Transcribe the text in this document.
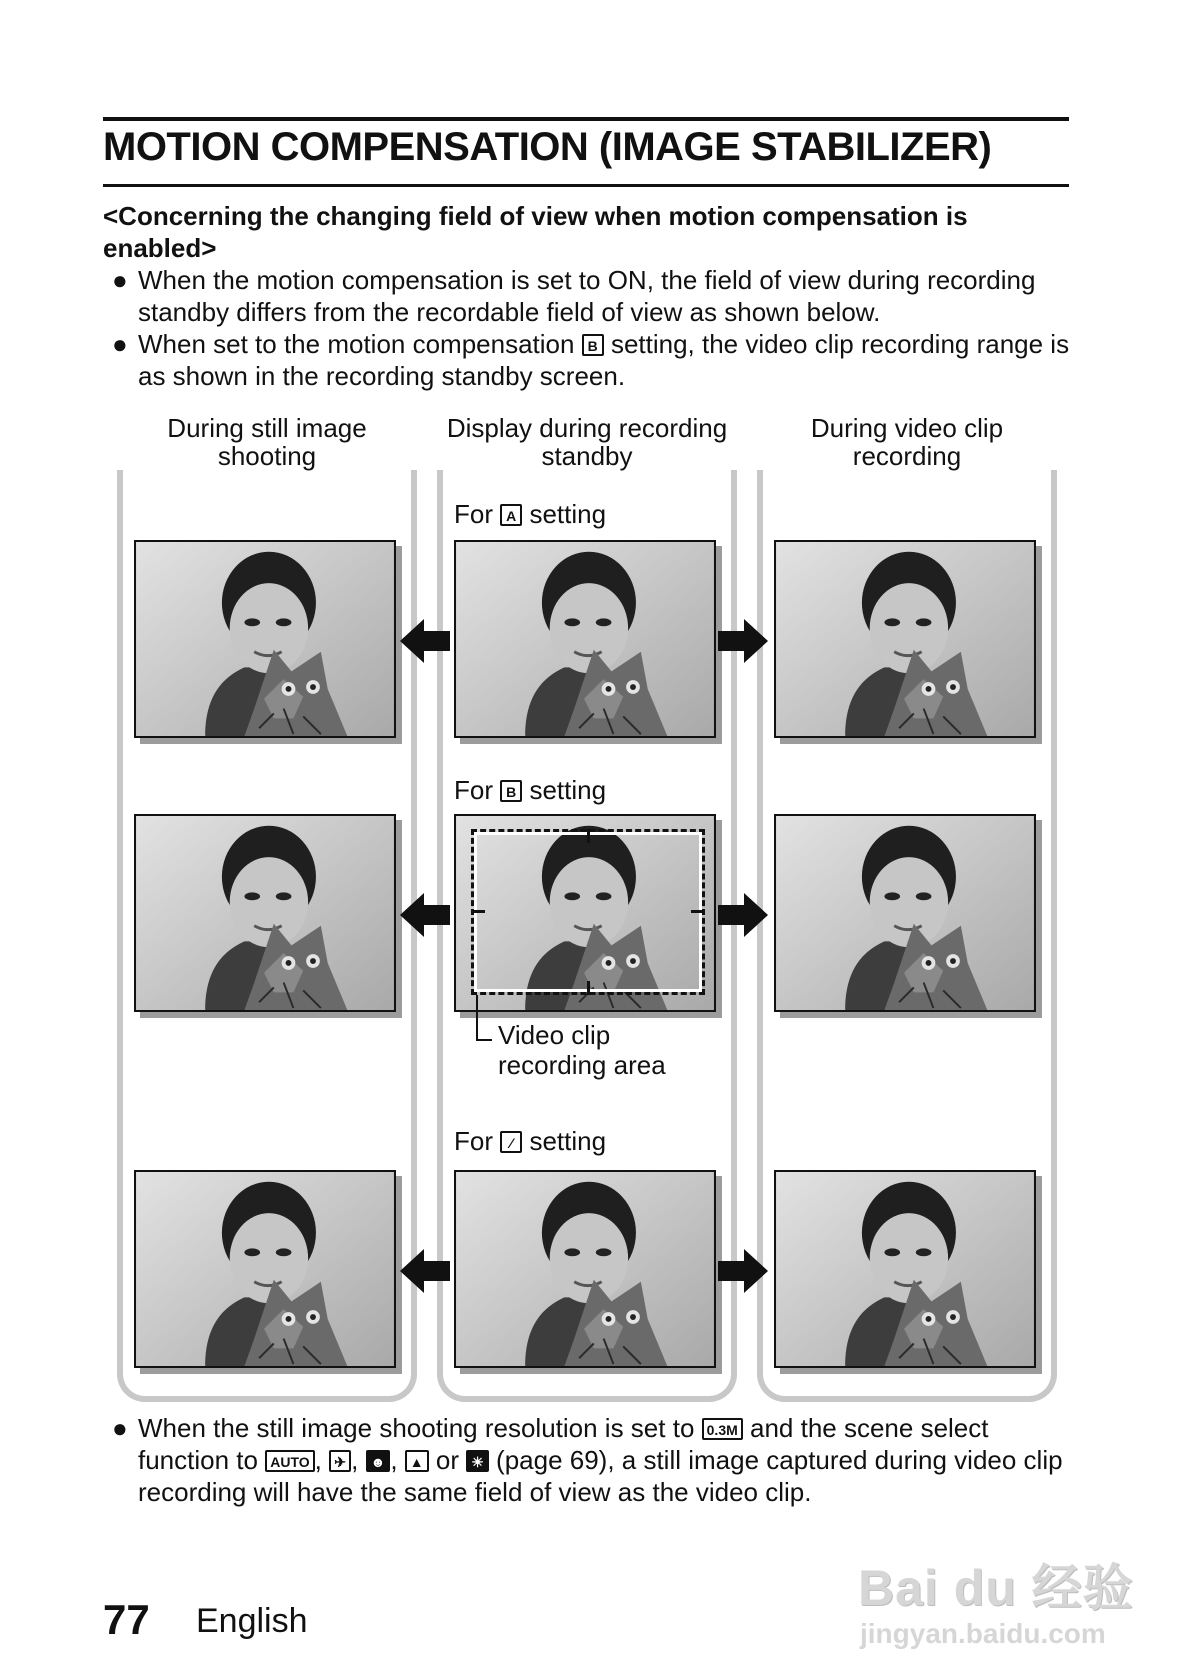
MOTION COMPENSATION (IMAGE STABILIZER)

<Concerning the changing field of view when motion compensation is enabled>

● When the motion compensation is set to ON, the field of view during recording standby differs from the recordable field of view as shown below.
● When set to the motion compensation B setting, the video clip recording range is as shown in the recording standby screen.
During still image shooting
Display during recording standby
During video clip recording
For A setting
For B setting
For ⁄ setting
Video clip recording area
● When the still image shooting resolution is set to 0.3M and the scene select function to AUTO , ✈ , ☻ , ▲ or ☀ (page 69), a still image captured during video clip recording will have the same field of view as the video clip.
77 English
Bai du 经验
jingyan.baidu.com
